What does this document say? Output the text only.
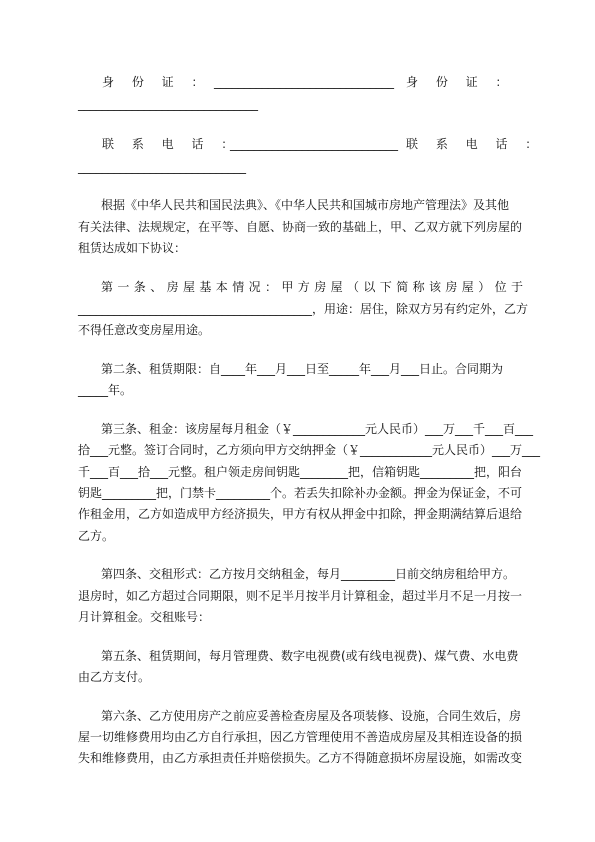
身 份 证 ： ______________________________ 身 份 证 ：
______________________________
联 系 电 话 ：
____________________________ 联 系 电 话 ：
____________________________
根据《中华人民共和国民法典》、《中华人民共和国城市房地产管理法》及其他
有关法律、法规规定，在平等、自愿、协商一致的基础上，甲、乙双方就下列房屋的
租赁达成如下协议：
第一条、房屋基本情况：甲方房屋（以下简称该房屋）位于
_______________________________________，用途：居住，除双方另有约定外，乙方
不得任意改变房屋用途。
第二条、租赁期限：自____年___月___日至_____年___月___日止。合同期为
_____年。
第三条、租金：该房屋每月租金（￥____________元人民币）___万___千___百___
拾___元整。签订合同时，乙方须向甲方交纳押金（￥____________元人民币）___万___
千___百___拾___元整。租户领走房间钥匙________把，信箱钥匙_________把，阳台
钥匙_________把，门禁卡_________个。若丢失扣除补办金额。押金为保证金，不可
作租金用，乙方如造成甲方经济损失，甲方有权从押金中扣除，押金期满结算后退给
乙方。
第四条、交租形式：乙方按月交纳租金，每月_________日前交纳房租给甲方。
退房时，如乙方超过合同期限，则不足半月按半月计算租金，超过半月不足一月按一
月计算租金。交租账号：
第五条、租赁期间，每月管理费、数字电视费(或有线电视费)、煤气费、水电费
由乙方支付。
第六条、乙方使用房产之前应妥善检查房屋及各项装修、设施，合同生效后，房
屋一切维修费用均由乙方自行承担，因乙方管理使用不善造成房屋及其相连设备的损
失和维修费用，由乙方承担责任并赔偿损失。乙方不得随意损坏房屋设施，如需改变
